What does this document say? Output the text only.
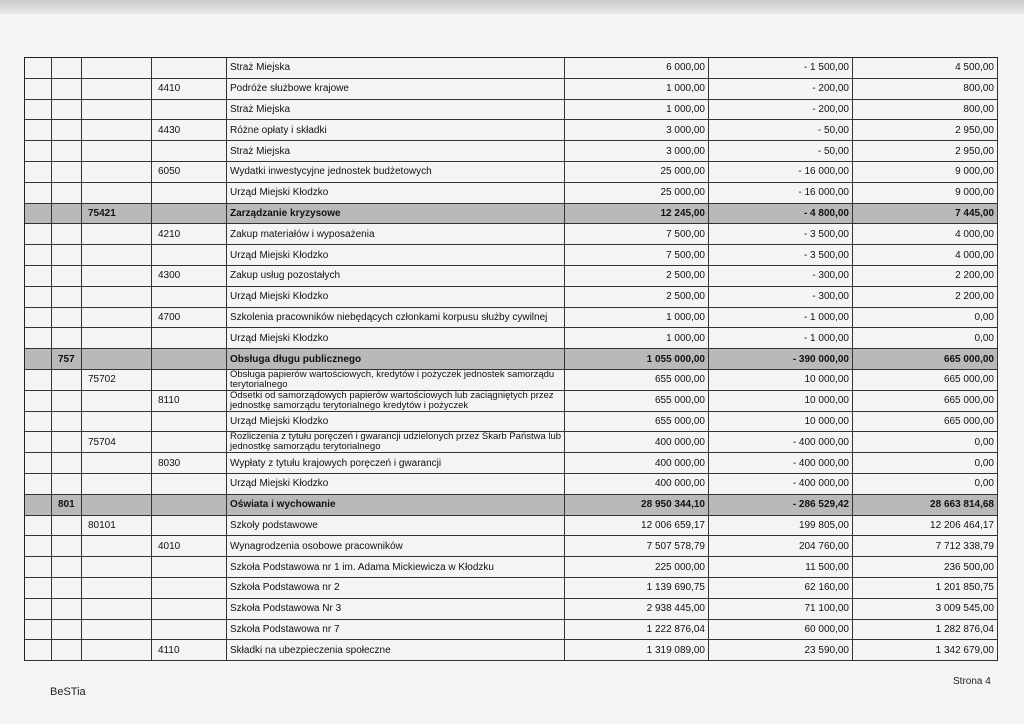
Straż Miejska	6 000,00	- 1 500,00	4 500,00
4410	Podróże służbowe krajowe	1 000,00	- 200,00	800,00
Straż Miejska	1 000,00	- 200,00	800,00
4430	Różne opłaty i składki	3 000,00	- 50,00	2 950,00
Straż Miejska	3 000,00	- 50,00	2 950,00
6050	Wydatki inwestycyjne jednostek budżetowych	25 000,00	- 16 000,00	9 000,00
Urząd Miejski Kłodzko	25 000,00	- 16 000,00	9 000,00
75421	Zarządzanie kryzysowe	12 245,00	- 4 800,00	7 445,00
4210	Zakup materiałów i wyposażenia	7 500,00	- 3 500,00	4 000,00
Urząd Miejski Kłodzko	7 500,00	- 3 500,00	4 000,00
4300	Zakup usług pozostałych	2 500,00	- 300,00	2 200,00
Urząd Miejski Kłodzko	2 500,00	- 300,00	2 200,00
4700	Szkolenia pracowników niebędących członkami korpusu służby cywilnej	1 000,00	- 1 000,00	0,00
Urząd Miejski Kłodzko	1 000,00	- 1 000,00	0,00
757	Obsługa długu publicznego	1 055 000,00	- 390 000,00	665 000,00
75702	Obsługa papierów wartościowych, kredytów i pożyczek jednostek samorządu terytorialnego	655 000,00	10 000,00	665 000,00
8110	Odsetki od samorządowych papierów wartościowych lub zaciągniętych przez jednostkę samorządu terytorialnego kredytów i pożyczek	655 000,00	10 000,00	665 000,00
Urząd Miejski Kłodzko	655 000,00	10 000,00	665 000,00
75704	Rozliczenia z tytułu poręczeń i gwarancji udzielonych przez Skarb Państwa lub jednostkę samorządu terytorialnego	400 000,00	- 400 000,00	0,00
8030	Wypłaty z tytułu krajowych poręczeń i gwarancji	400 000,00	- 400 000,00	0,00
Urząd Miejski Kłodzko	400 000,00	- 400 000,00	0,00
801	Oświata i wychowanie	28 950 344,10	- 286 529,42	28 663 814,68
80101	Szkoły podstawowe	12 006 659,17	199 805,00	12 206 464,17
4010	Wynagrodzenia osobowe pracowników	7 507 578,79	204 760,00	7 712 338,79
Szkoła Podstawowa nr 1 im. Adama Mickiewicza w Kłodzku	225 000,00	11 500,00	236 500,00
Szkoła Podstawowa nr 2	1 139 690,75	62 160,00	1 201 850,75
Szkoła Podstawowa Nr 3	2 938 445,00	71 100,00	3 009 545,00
Szkoła Podstawowa nr 7	1 222 876,04	60 000,00	1 282 876,04
4110	Składki na ubezpieczenia społeczne	1 319 089,00	23 590,00	1 342 679,00
BeSTia
Strona 4
